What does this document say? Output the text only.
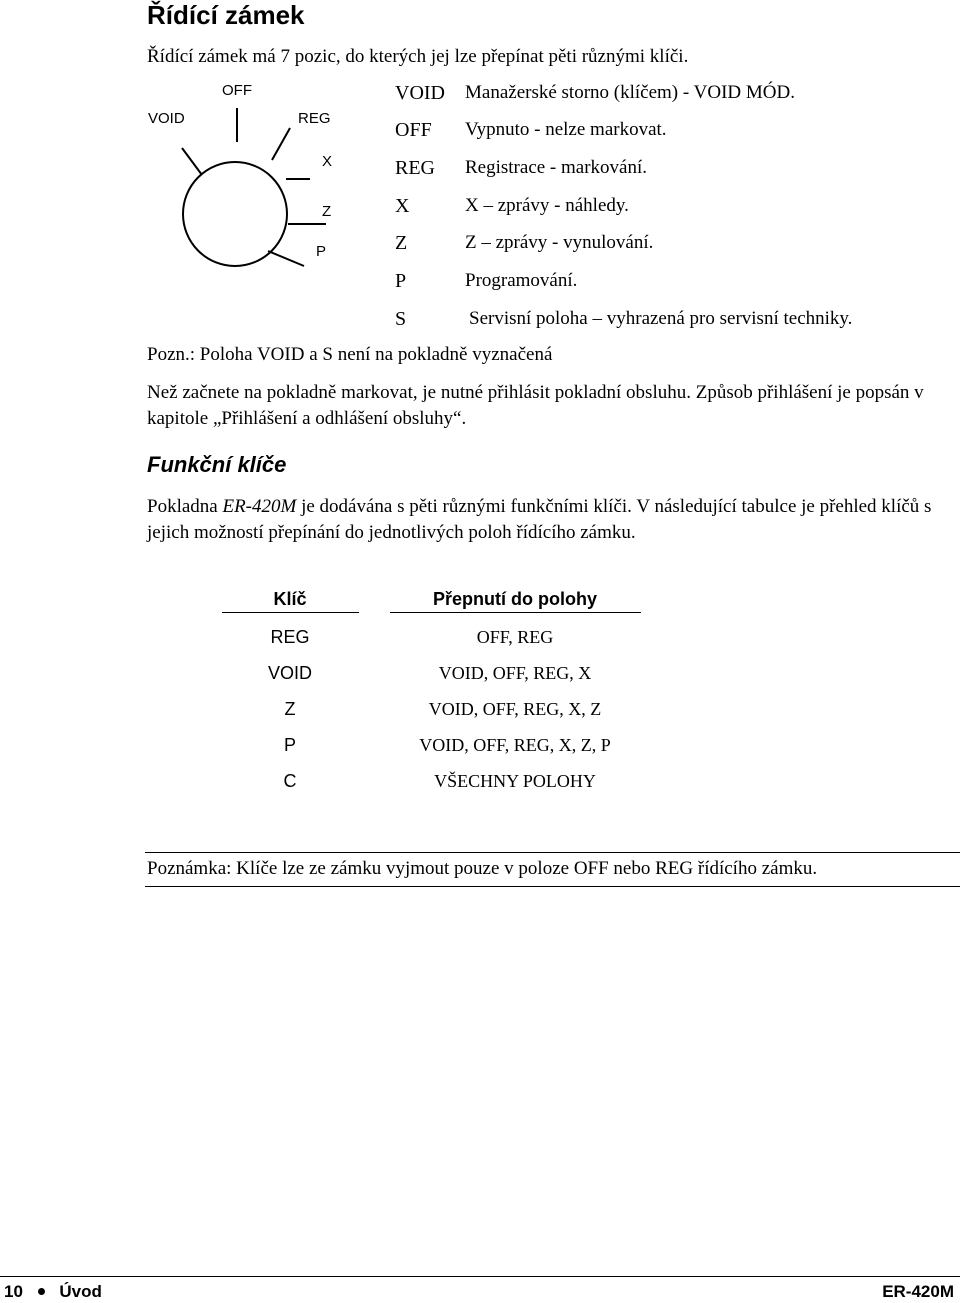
Řídící zámek
Řídící zámek má 7 pozic, do kterých jej lze přepínat pěti různými klíči.
VOID
OFF
REG
X
Z
P
VOID Manažerské storno (klíčem) - VOID MÓD.
OFF Vypnuto - nelze markovat.
REG Registrace - markování.
X	X – zprávy - náhledy.
Z	Z – zprávy - vynulování.
P	Programování.
S	Servisní poloha – vyhrazená pro servisní techniky.
Pozn.: Poloha VOID a S není na pokladně vyznačená
Než začnete na pokladně markovat, je nutné přihlásit pokladní obsluhu. Způsob přihlášení je popsán v kapitole „Přihlášení a odhlášení obsluhy“.
Funkční klíče
Pokladna ER-420M je dodávána s pěti různými funkčními klíči. V následující tabulce je přehled klíčů s jejich možností přepínání do jednotlivých poloh řídícího zámku.
Klíč	Přepnutí do polohy
REG	OFF, REG
VOID	VOID, OFF, REG, X
Z	VOID, OFF, REG, X, Z
P	VOID, OFF, REG, X, Z, P
C	VŠECHNY POLOHY
Poznámka: Klíče lze ze zámku vyjmout pouze v poloze OFF nebo REG řídícího zámku.
10 Úvod	ER-420M
